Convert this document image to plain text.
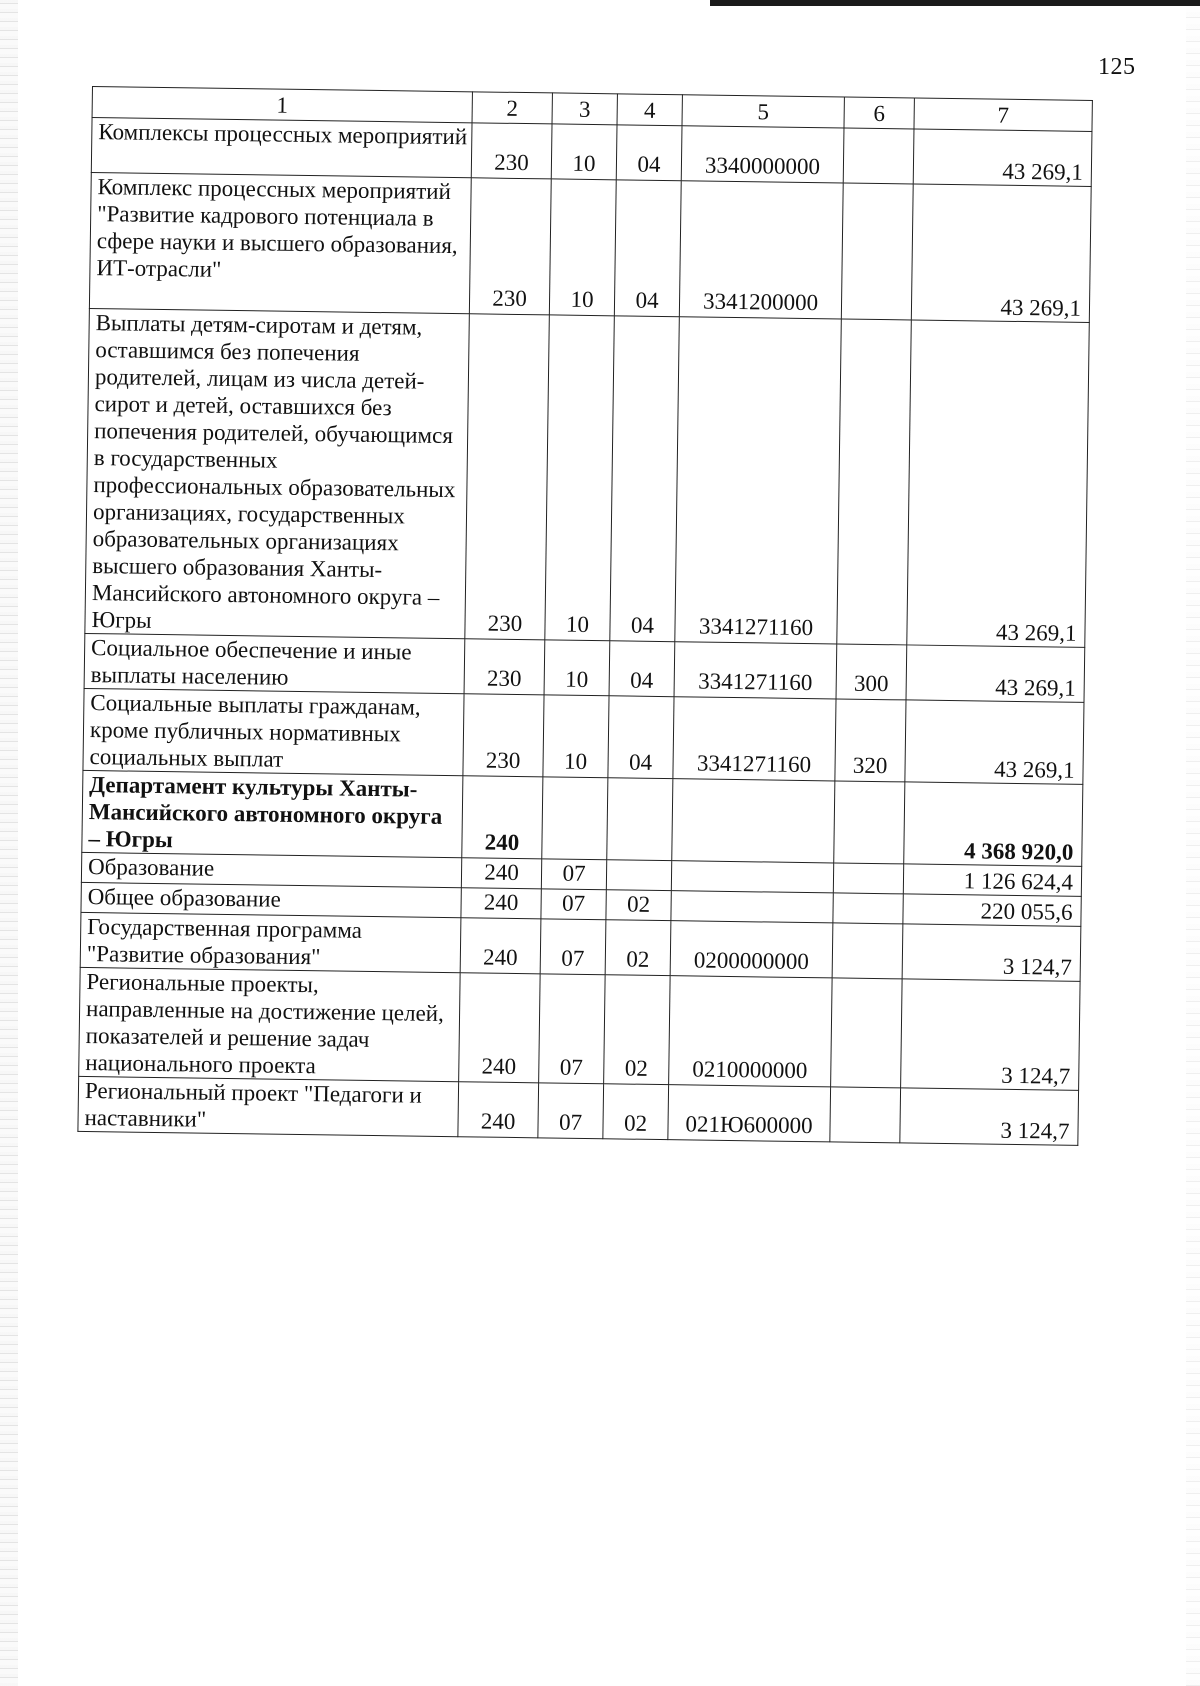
125
1	2	3	4	5	6	7
Комплексы процессных мероприятий	230	10	04	3340000000		43 269,1
Комплекс процессных мероприятий "Развитие кадрового потенциала в сфере науки и высшего образования, ИТ-отрасли"	230	10	04	3341200000		43 269,1
Выплаты детям-сиротам и детям, оставшимся без попечения родителей, лицам из числа детей-сирот и детей, оставшихся без попечения родителей, обучающимся в государственных профессиональных образовательных организациях, государственных образовательных организациях высшего образования Ханты-Мансийского автономного округа – Югры	230	10	04	3341271160		43 269,1
Социальное обеспечение и иные выплаты населению	230	10	04	3341271160	300	43 269,1
Социальные выплаты гражданам, кроме публичных нормативных социальных выплат	230	10	04	3341271160	320	43 269,1
Департамент культуры Ханты-Мансийского автономного округа – Югры	240					4 368 920,0
Образование	240	07				1 126 624,4
Общее образование	240	07	02			220 055,6
Государственная программа "Развитие образования"	240	07	02	0200000000		3 124,7
Региональные проекты, направленные на достижение целей, показателей и решение задач национального проекта	240	07	02	0210000000		3 124,7
Региональный проект "Педагоги и наставники"	240	07	02	021Ю600000		3 124,7
